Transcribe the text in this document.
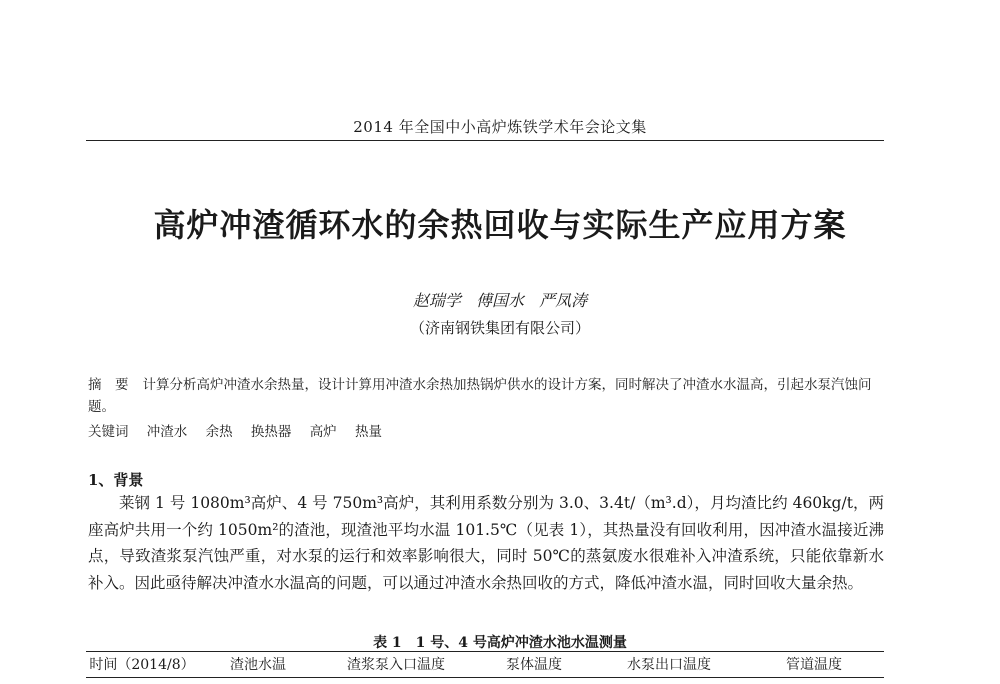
2014 年全国中小高炉炼铁学术年会论文集
高炉冲渣循环水的余热回收与实际生产应用方案
赵瑞学 傅国水 严凤涛
（济南钢铁集团有限公司）
摘　要 计算分析高炉冲渣水余热量，设计计算用冲渣水余热加热锅炉供水的设计方案，同时解决了冲渣水水温高，引起水泵汽蚀问题。
关键词 冲渣水 余热 换热器 高炉 热量
1、背景

莱钢 1 号 1080m³高炉、4 号 750m³高炉，其利用系数分别为 3.0、3.4t/（m³.d），月均渣比约 460kg/t，两座高炉共用一个约 1050m²的渣池，现渣池平均水温 101.5℃（见表 1），其热量没有回收利用，因冲渣水温接近沸点，导致渣浆泵汽蚀严重，对水泵的运行和效率影响很大，同时 50℃的蒸氨废水很难补入冲渣系统，只能依靠新水补入。因此亟待解决冲渣水水温高的问题，可以通过冲渣水余热回收的方式，降低冲渣水温，同时回收大量余热。

表 1　1 号、4 号高炉冲渣水池水温测量
时间（2014/8）	渣池水温	渣浆泵入口温度	泵体温度	水泵出口温度	管道温度
